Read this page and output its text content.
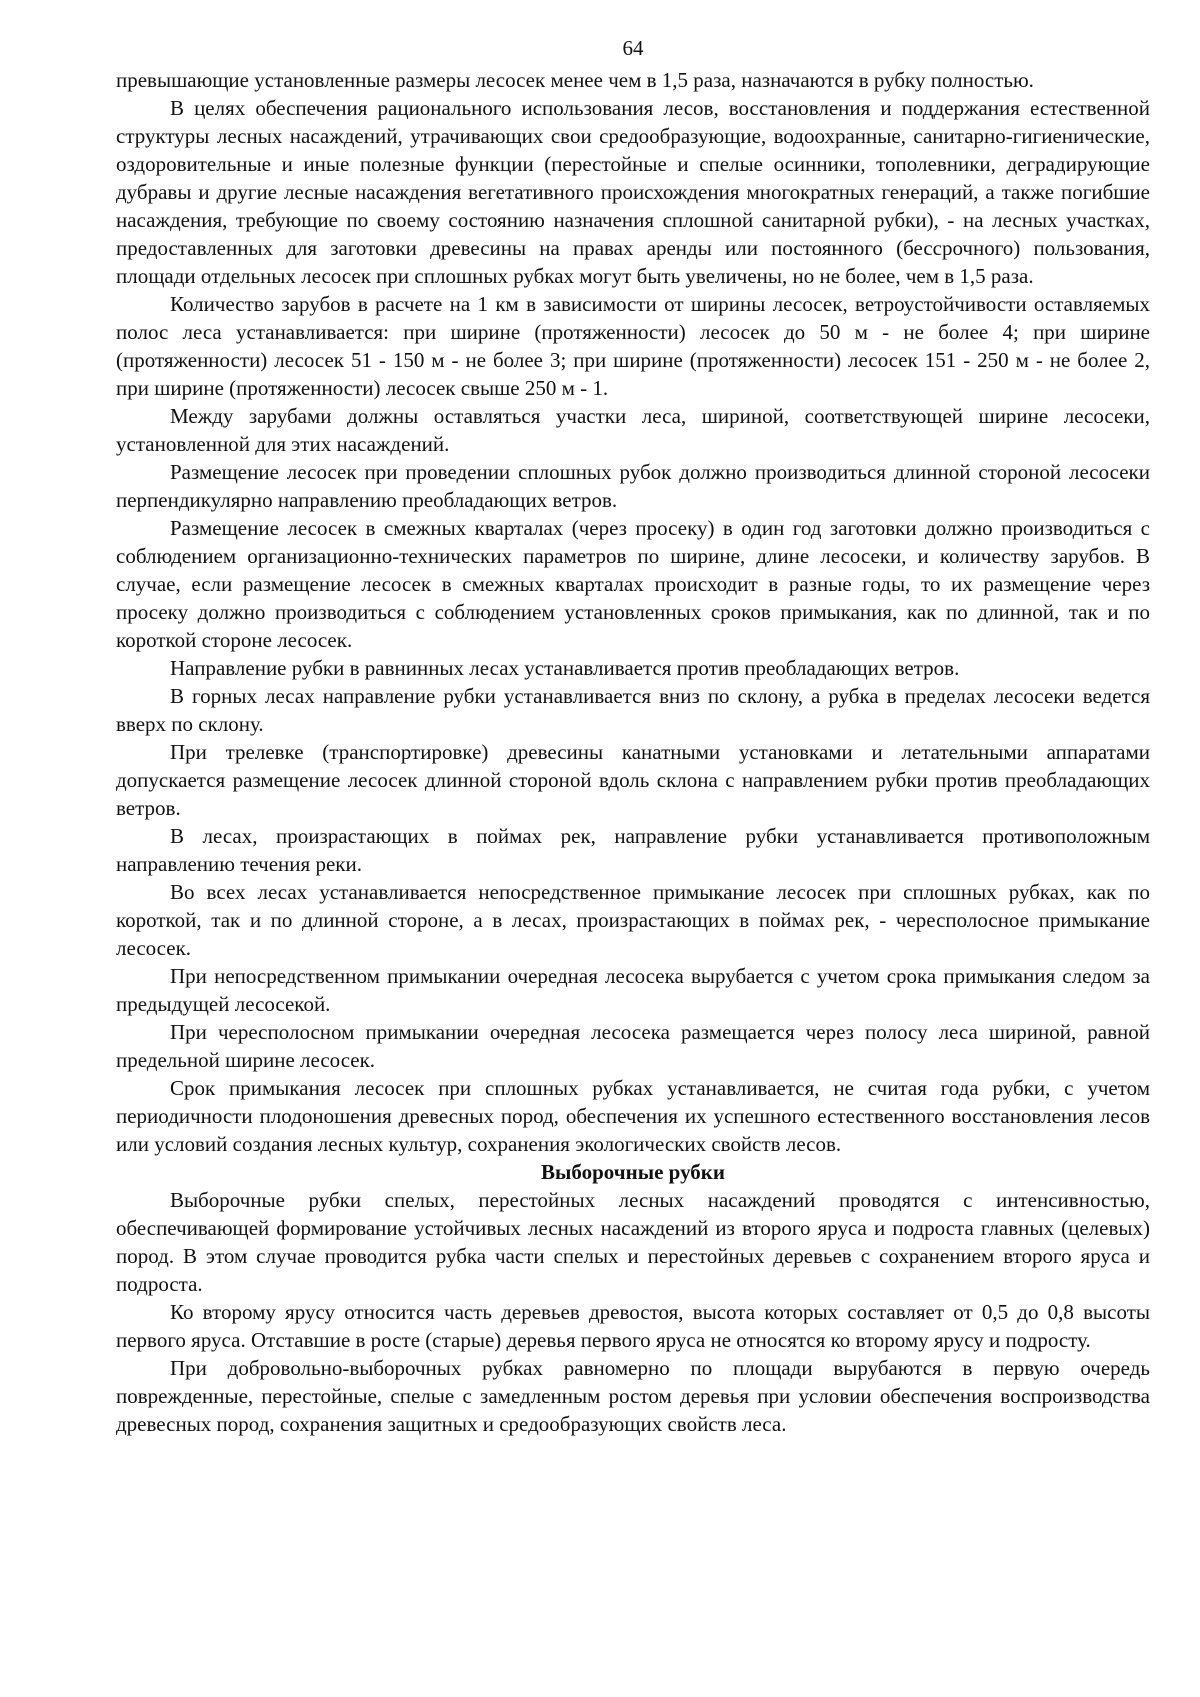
64

превышающие установленные размеры лесосек менее чем в 1,5 раза, назначаются в рубку полностью.

В целях обеспечения рационального использования лесов, восстановления и поддержания естественной структуры лесных насаждений, утрачивающих свои средообразующие, водоохранные, санитарно-гигиенические, оздоровительные и иные полезные функции (перестойные и спелые осинники, тополевники, деградирующие дубравы и другие лесные насаждения вегетативного происхождения многократных генераций, а также погибшие насаждения, требующие по своему состоянию назначения сплошной санитарной рубки), - на лесных участках, предоставленных для заготовки древесины на правах аренды или постоянного (бессрочного) пользования, площади отдельных лесосек при сплошных рубках могут быть увеличены, но не более, чем в 1,5 раза.

Количество зарубов в расчете на 1 км в зависимости от ширины лесосек, ветроустойчивости оставляемых полос леса устанавливается: при ширине (протяженности) лесосек до 50 м - не более 4; при ширине (протяженности) лесосек 51 - 150 м - не более 3; при ширине (протяженности) лесосек 151 - 250 м - не более 2, при ширине (протяженности) лесосек свыше 250 м - 1.

Между зарубами должны оставляться участки леса, шириной, соответствующей ширине лесосеки, установленной для этих насаждений.

Размещение лесосек при проведении сплошных рубок должно производиться длинной стороной лесосеки перпендикулярно направлению преобладающих ветров.

Размещение лесосек в смежных кварталах (через просеку) в один год заготовки должно производиться с соблюдением организационно-технических параметров по ширине, длине лесосеки, и количеству зарубов. В случае, если размещение лесосек в смежных кварталах происходит в разные годы, то их размещение через просеку должно производиться с соблюдением установленных сроков примыкания, как по длинной, так и по короткой стороне лесосек.

Направление рубки в равнинных лесах устанавливается против преобладающих ветров.

В горных лесах направление рубки устанавливается вниз по склону, а рубка в пределах лесосеки ведется вверх по склону.

При трелевке (транспортировке) древесины канатными установками и летательными аппаратами допускается размещение лесосек длинной стороной вдоль склона с направлением рубки против преобладающих ветров.

В лесах, произрастающих в поймах рек, направление рубки устанавливается противоположным направлению течения реки.

Во всех лесах устанавливается непосредственное примыкание лесосек при сплошных рубках, как по короткой, так и по длинной стороне, а в лесах, произрастающих в поймах рек, - чересполосное примыкание лесосек.

При непосредственном примыкании очередная лесосека вырубается с учетом срока примыкания следом за предыдущей лесосекой.

При чересполосном примыкании очередная лесосека размещается через полосу леса шириной, равной предельной ширине лесосек.

Срок примыкания лесосек при сплошных рубках устанавливается, не считая года рубки, с учетом периодичности плодоношения древесных пород, обеспечения их успешного естественного восстановления лесов или условий создания лесных культур, сохранения экологических свойств лесов.

Выборочные рубки

Выборочные рубки спелых, перестойных лесных насаждений проводятся с интенсивностью, обеспечивающей формирование устойчивых лесных насаждений из второго яруса и подроста главных (целевых) пород. В этом случае проводится рубка части спелых и перестойных деревьев с сохранением второго яруса и подроста.

Ко второму ярусу относится часть деревьев древостоя, высота которых составляет от 0,5 до 0,8 высоты первого яруса. Отставшие в росте (старые) деревья первого яруса не относятся ко второму ярусу и подросту.

При добровольно-выборочных рубках равномерно по площади вырубаются в первую очередь поврежденные, перестойные, спелые с замедленным ростом деревья при условии обеспечения воспроизводства древесных пород, сохранения защитных и средообразующих свойств леса.
